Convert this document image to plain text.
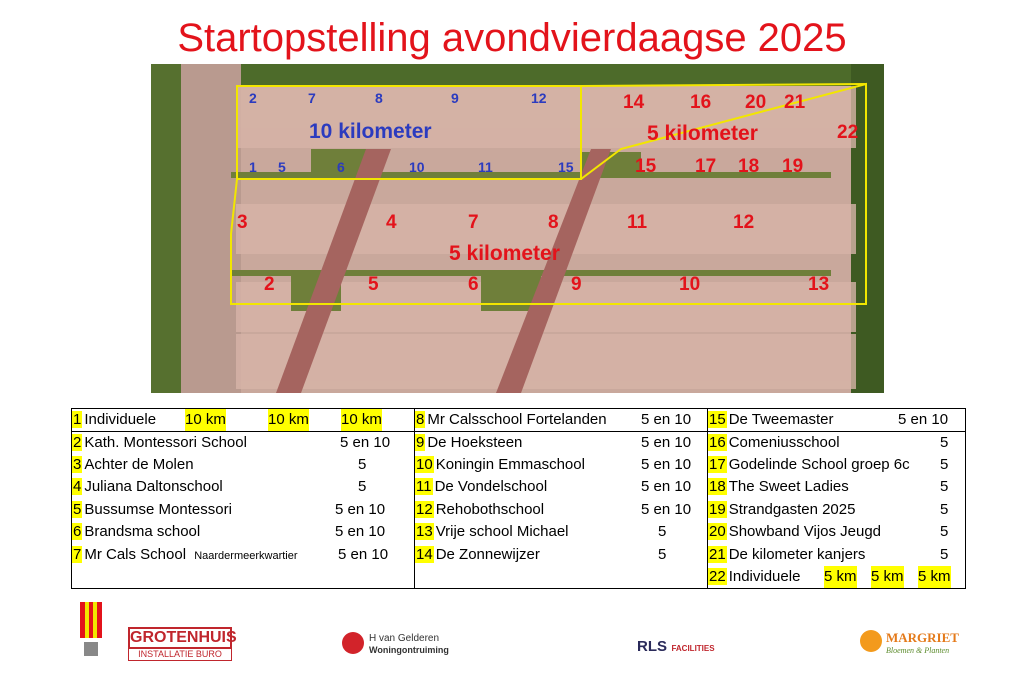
Startopstelling avondvierdaagse 2025
10 kilometer	5 kilometer
5 kilometer
2	7	8	9	12
1 5	6	10	11	15
14 16 20 21
22
15 17 18 19
3	4	7	8	11	12
2	5	6	9	10	13
1 Individuele 10 km	10 km 10 km
2 Kath. Montessori School	5 en 10
3 Achter de Molen	5
4 Juliana Daltonschool	5
5 Bussumse Montessori	5 en 10
6 Brandsma school	5 en 10
7 Mr Cals School Naardermeerkwartier	5 en 10
8 Mr Calsschool Fortelanden 5 en 10
9 De Hoeksteen	5 en 10
10 Koningin Emmaschool	5 en 10
11 De Vondelschool	5 en 10
12 Rehobothschool	5 en 10
13 Vrije school Michael	5
14 De Zonnewijzer	5
15 De Tweemaster	5 en 10
16 Comeniusschool	5
17 Godelinde School groep 6c 5
18 The Sweet Ladies	5
19 Strandgasten 2025	5
20 Showband Vijos Jeugd	5
21 De kilometer kanjers	5
22 Individuele 5 km 5 km 5 km
GROTENHUIS
INSTALLATIE BURO
H van Gelderen
Woningontruiming	RLS FACILITIES
MARGRIET
Bloemen & Planten
